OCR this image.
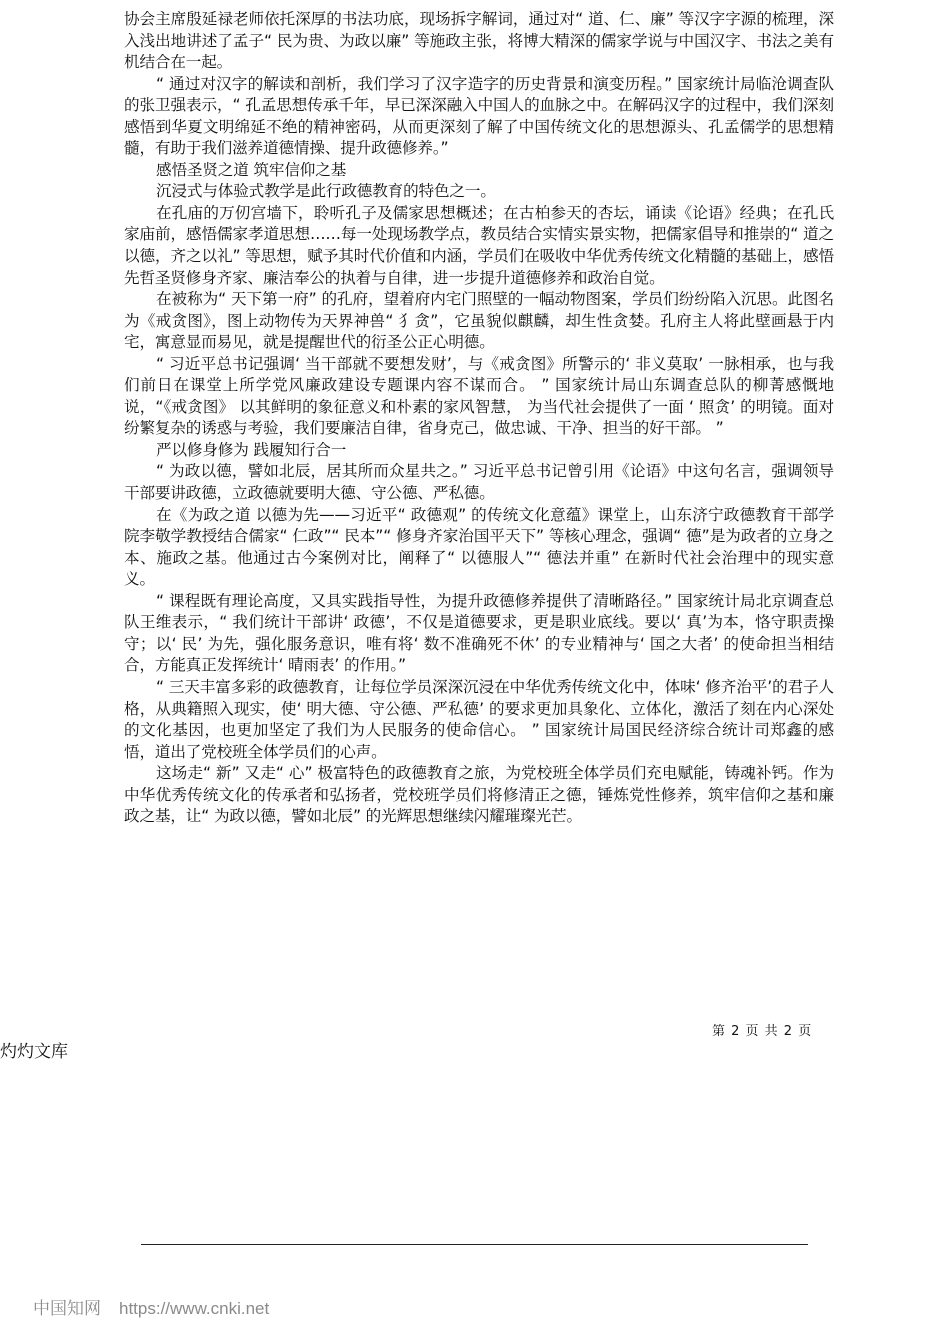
协会主席殷延禄老师依托深厚的书法功底，现场拆字解词，通过对“ 道、仁、廉” 等汉字字源的梳理，深入浅出地讲述了孟子“ 民为贵、为政以廉” 等施政主张，将博大精深的儒家学说与中国汉字、书法之美有机结合在一起。

“ 通过对汉字的解读和剖析，我们学习了汉字造字的历史背景和演变历程。” 国家统计局临沧调查队的张卫强表示，“ 孔孟思想传承千年，早已深深融入中国人的血脉之中。在解码汉字的过程中，我们深刻感悟到华夏文明绵延不绝的精神密码，从而更深刻了解了中国传统文化的思想源头、孔孟儒学的思想精髓，有助于我们滋养道德情操、提升政德修养。”

感悟圣贤之道 筑牢信仰之基

沉浸式与体验式教学是此行政德教育的特色之一。

在孔庙的万仞宫墙下，聆听孔子及儒家思想概述；在古柏参天的杏坛，诵读《论语》经典；在孔氏家庙前，感悟儒家孝道思想……每一处现场教学点，教员结合实情实景实物，把儒家倡导和推崇的“ 道之以德，齐之以礼” 等思想，赋予其时代价值和内涵，学员们在吸收中华优秀传统文化精髓的基础上，感悟先哲圣贤修身齐家、廉洁奉公的执着与自律，进一步提升道德修养和政治自觉。

在被称为“ 天下第一府” 的孔府，望着府内宅门照壁的一幅动物图案，学员们纷纷陷入沉思。此图名为《戒贪图》，图上动物传为天界神兽“ 犭贪”，它虽貌似麒麟，却生性贪婪。孔府主人将此壁画悬于内宅，寓意显而易见，就是提醒世代的衍圣公正心明德。

“ 习近平总书记强调‘ 当干部就不要想发财’，与《戒贪图》所警示的‘ 非义莫取’ 一脉相承，也与我们前日在课堂上所学党风廉政建设专题课内容不谋而合。 ” 国家统计局山东调查总队的柳菁感慨地说，“《戒贪图》 以其鲜明的象征意义和朴素的家风智慧， 为当代社会提供了一面 ‘ 照贪’ 的明镜。面对纷繁复杂的诱惑与考验，我们要廉洁自律，省身克己，做忠诚、干净、担当的好干部。 ”

严以修身修为 践履知行合一

“ 为政以德，譬如北辰，居其所而众星共之。” 习近平总书记曾引用《论语》中这句名言，强调领导干部要讲政德，立政德就要明大德、守公德、严私德。

在《为政之道 以德为先——习近平“ 政德观” 的传统文化意蕴》课堂上，山东济宁政德教育干部学院李敬学教授结合儒家“ 仁政”“ 民本”“ 修身齐家治国平天下” 等核心理念，强调“ 德”是为政者的立身之本、施政之基。他通过古今案例对比，阐释了“ 以德服人”“ 德法并重” 在新时代社会治理中的现实意义。

“ 课程既有理论高度，又具实践指导性，为提升政德修养提供了清晰路径。” 国家统计局北京调查总队王维表示，“ 我们统计干部讲‘ 政德’，不仅是道德要求，更是职业底线。要以‘ 真’为本，恪守职责操守；以‘ 民’ 为先，强化服务意识，唯有将‘ 数不准确死不休’ 的专业精神与‘ 国之大者’ 的使命担当相结合，方能真正发挥统计‘ 晴雨表’ 的作用。”

“ 三天丰富多彩的政德教育，让每位学员深深沉浸在中华优秀传统文化中，体味‘ 修齐治平’的君子人格，从典籍照入现实，使‘ 明大德、守公德、严私德’ 的要求更加具象化、立体化，激活了刻在内心深处的文化基因，也更加坚定了我们为人民服务的使命信心。 ” 国家统计局国民经济综合统计司郑鑫的感悟，道出了党校班全体学员们的心声。

这场走“ 新” 又走“ 心” 极富特色的政德教育之旅，为党校班全体学员们充电赋能，铸魂补钙。作为中华优秀传统文化的传承者和弘扬者，党校班学员们将修清正之德，锤炼党性修养，筑牢信仰之基和廉政之基，让“ 为政以德，譬如北辰” 的光辉思想继续闪耀璀璨光芒。

第 2 页 共 2 页
灼灼文库
中国知网 https://www.cnki.net
